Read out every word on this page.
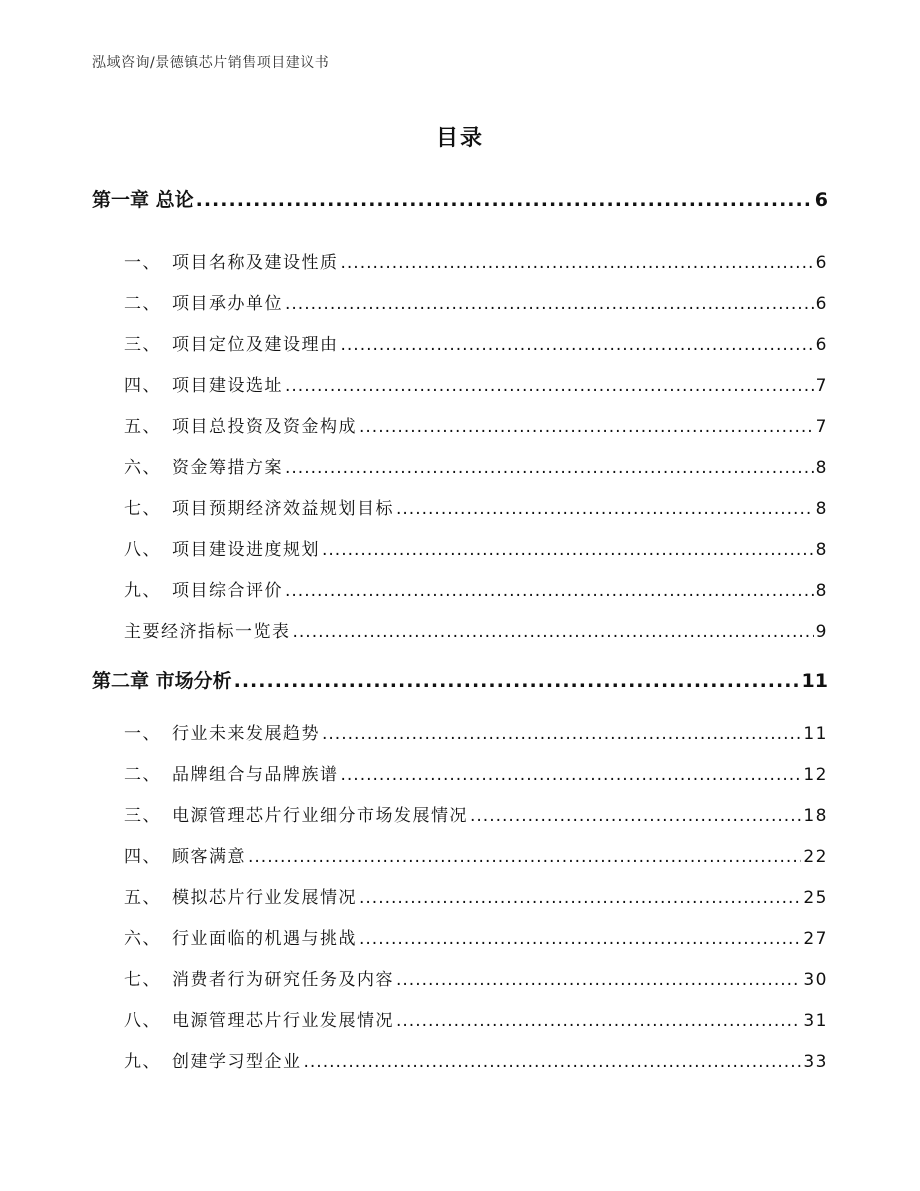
泓域咨询/景德镇芯片销售项目建议书
目录
第一章 总论 .....	6
一、 项目名称及建设性质 .....	6
二、 项目承办单位 .....	6
三、 项目定位及建设理由 .....	6
四、 项目建设选址 .....	7
五、 项目总投资及资金构成 .....	7
六、 资金筹措方案 .....	8
七、 项目预期经济效益规划目标 .....	8
八、 项目建设进度规划 .....	8
九、 项目综合评价 .....	8
主要经济指标一览表 .....	9
第二章 市场分析 .....	11
一、 行业未来发展趋势 .....	11
二、 品牌组合与品牌族谱 .....	12
三、 电源管理芯片行业细分市场发展情况 .....	18
四、 顾客满意 .....	22
五、 模拟芯片行业发展情况 .....	25
六、 行业面临的机遇与挑战 .....	27
七、 消费者行为研究任务及内容 .....	30
八、 电源管理芯片行业发展情况 .....	31
九、 创建学习型企业 .....	33
